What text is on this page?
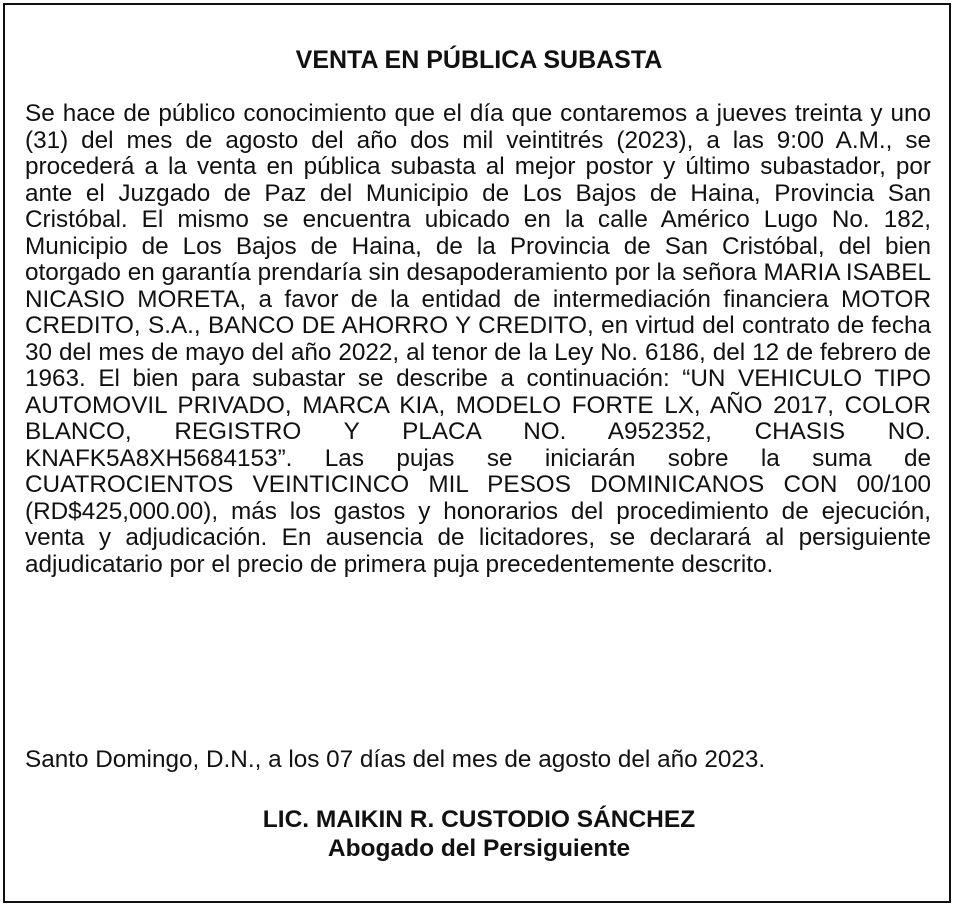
VENTA EN PÚBLICA SUBASTA

Se hace de público conocimiento que el día que contaremos a jueves treinta y uno (31) del mes de agosto del año dos mil veintitrés (2023), a las 9:00 A.M., se procederá a la venta en pública subasta al mejor postor y último subastador, por ante el Juzgado de Paz del Municipio de Los Bajos de Haina, Provincia San Cristóbal. El mismo se encuentra ubicado en la calle Américo Lugo No. 182, Municipio de Los Bajos de Haina, de la Provincia de San Cristóbal, del bien otorgado en garantía prendaría sin desapoderamiento por la señora MARIA ISABEL NICASIO MORETA, a favor de la entidad de intermediación financiera MOTOR CREDITO, S.A., BANCO DE AHORRO Y CREDITO, en virtud del contrato de fecha 30 del mes de mayo del año 2022, al tenor de la Ley No. 6186, del 12 de febrero de 1963. El bien para subastar se describe a continuación: “UN VEHICULO TIPO AUTOMOVIL PRIVADO, MARCA KIA, MODELO FORTE LX, AÑO 2017, COLOR BLANCO, REGISTRO Y PLACA NO. A952352, CHASIS NO. KNAFK5A8XH5684153”. Las pujas se iniciarán sobre la suma de CUATROCIENTOS VEINTICINCO MIL PESOS DOMINICANOS CON 00/100 (RD$425,000.00), más los gastos y honorarios del procedimiento de ejecución, venta y adjudicación. En ausencia de licitadores, se declarará al persiguiente adjudicatario por el precio de primera puja precedentemente descrito.

Santo Domingo, D.N., a los 07 días del mes de agosto del año 2023.

LIC. MAIKIN R. CUSTODIO SÁNCHEZ

Abogado del Persiguiente
